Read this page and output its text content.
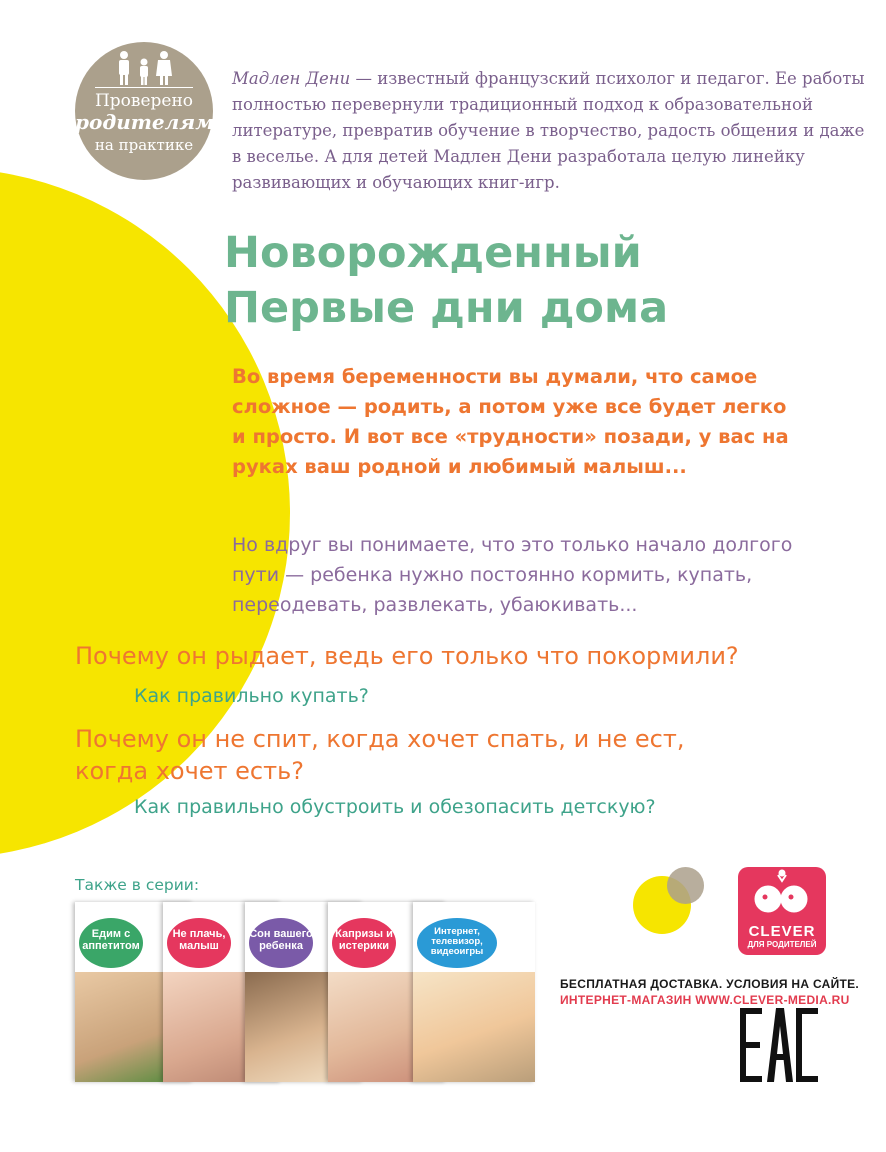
Проверено
родителями
на практике
Мадлен Дени — известный французский психолог и педагог. Ее работы полностью перевернули традиционный подход к образовательной литературе, превратив обучение в творчество, радость общения и даже в веселье. А для детей Мадлен Дени разработала целую линейку развивающих и обучающих книг-игр.
Новорожденный
Первые дни дома
Во время беременности вы думали, что самое сложное — родить, а потом уже все будет легко и просто. И вот все «трудности» позади, у вас на руках ваш родной и любимый малыш...
Но вдруг вы понимаете, что это только начало долгого пути — ребенка нужно постоянно кормить, купать, переодевать, развлекать, убаюкивать...
Почему он рыдает, ведь его только что покормили?
Как правильно купать?
Почему он не спит, когда хочет спать, и не ест,
когда хочет есть?
Как правильно обустроить и обезопасить детскую?
Также в серии:
Едим с аппетитом
Не плачь, малыш
Сон вашего ребенка
Капризы и истерики
Интернет, телевизор, видеоигры
CLEVER
ДЛЯ РОДИТЕЛЕЙ
БЕСПЛАТНАЯ ДОСТАВКА. УСЛОВИЯ НА САЙТЕ.
ИНТЕРНЕТ-МАГАЗИН WWW.CLEVER-MEDIA.RU
